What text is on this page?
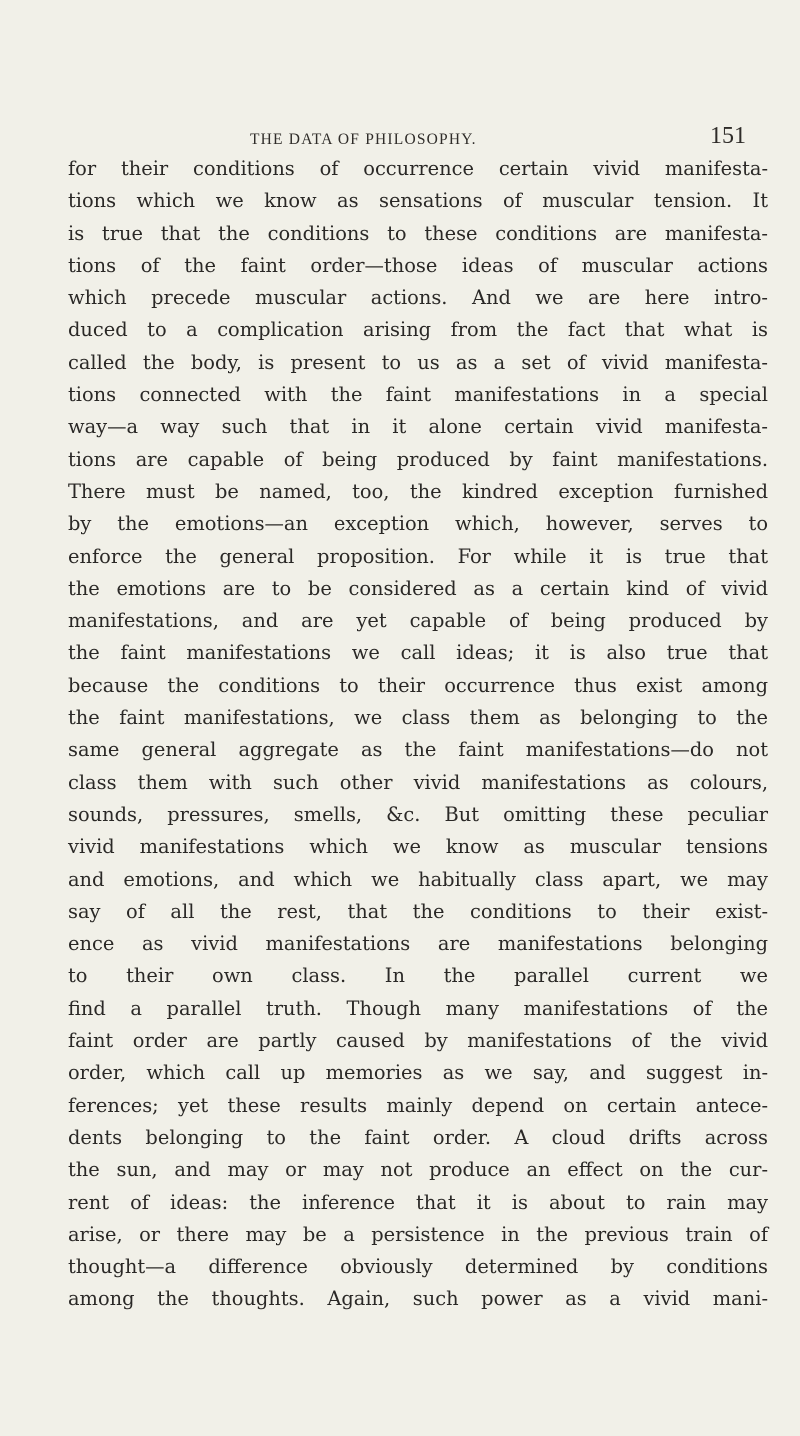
THE DATA OF PHILOSOPHY.	151
for their conditions of occurrence certain vivid manifesta-
tions which we know as sensations of muscular tension. It
is true that the conditions to these conditions are manifesta-
tions of the faint order—those ideas of muscular actions
which precede muscular actions. And we are here intro-
duced to a complication arising from the fact that what is
called the body, is present to us as a set of vivid manifesta-
tions connected with the faint manifestations in a special
way—a way such that in it alone certain vivid manifesta-
tions are capable of being produced by faint manifestations.
There must be named, too, the kindred exception furnished
by the emotions—an exception which, however, serves to
enforce the general proposition. For while it is true that
the emotions are to be considered as a certain kind of vivid
manifestations, and are yet capable of being produced by
the faint manifestations we call ideas; it is also true that
because the conditions to their occurrence thus exist among
the faint manifestations, we class them as belonging to the
same general aggregate as the faint manifestations—do not
class them with such other vivid manifestations as colours,
sounds, pressures, smells, &c. But omitting these peculiar
vivid manifestations which we know as muscular tensions
and emotions, and which we habitually class apart, we may
say of all the rest, that the conditions to their exist-
ence as vivid manifestations are manifestations belonging
to their own class. In the parallel current we
find a parallel truth. Though many manifestations of the
faint order are partly caused by manifestations of the vivid
order, which call up memories as we say, and suggest in-
ferences; yet these results mainly depend on certain antece-
dents belonging to the faint order. A cloud drifts across
the sun, and may or may not produce an effect on the cur-
rent of ideas: the inference that it is about to rain may
arise, or there may be a persistence in the previous train of
thought—a difference obviously determined by conditions
among the thoughts. Again, such power as a vivid mani-
